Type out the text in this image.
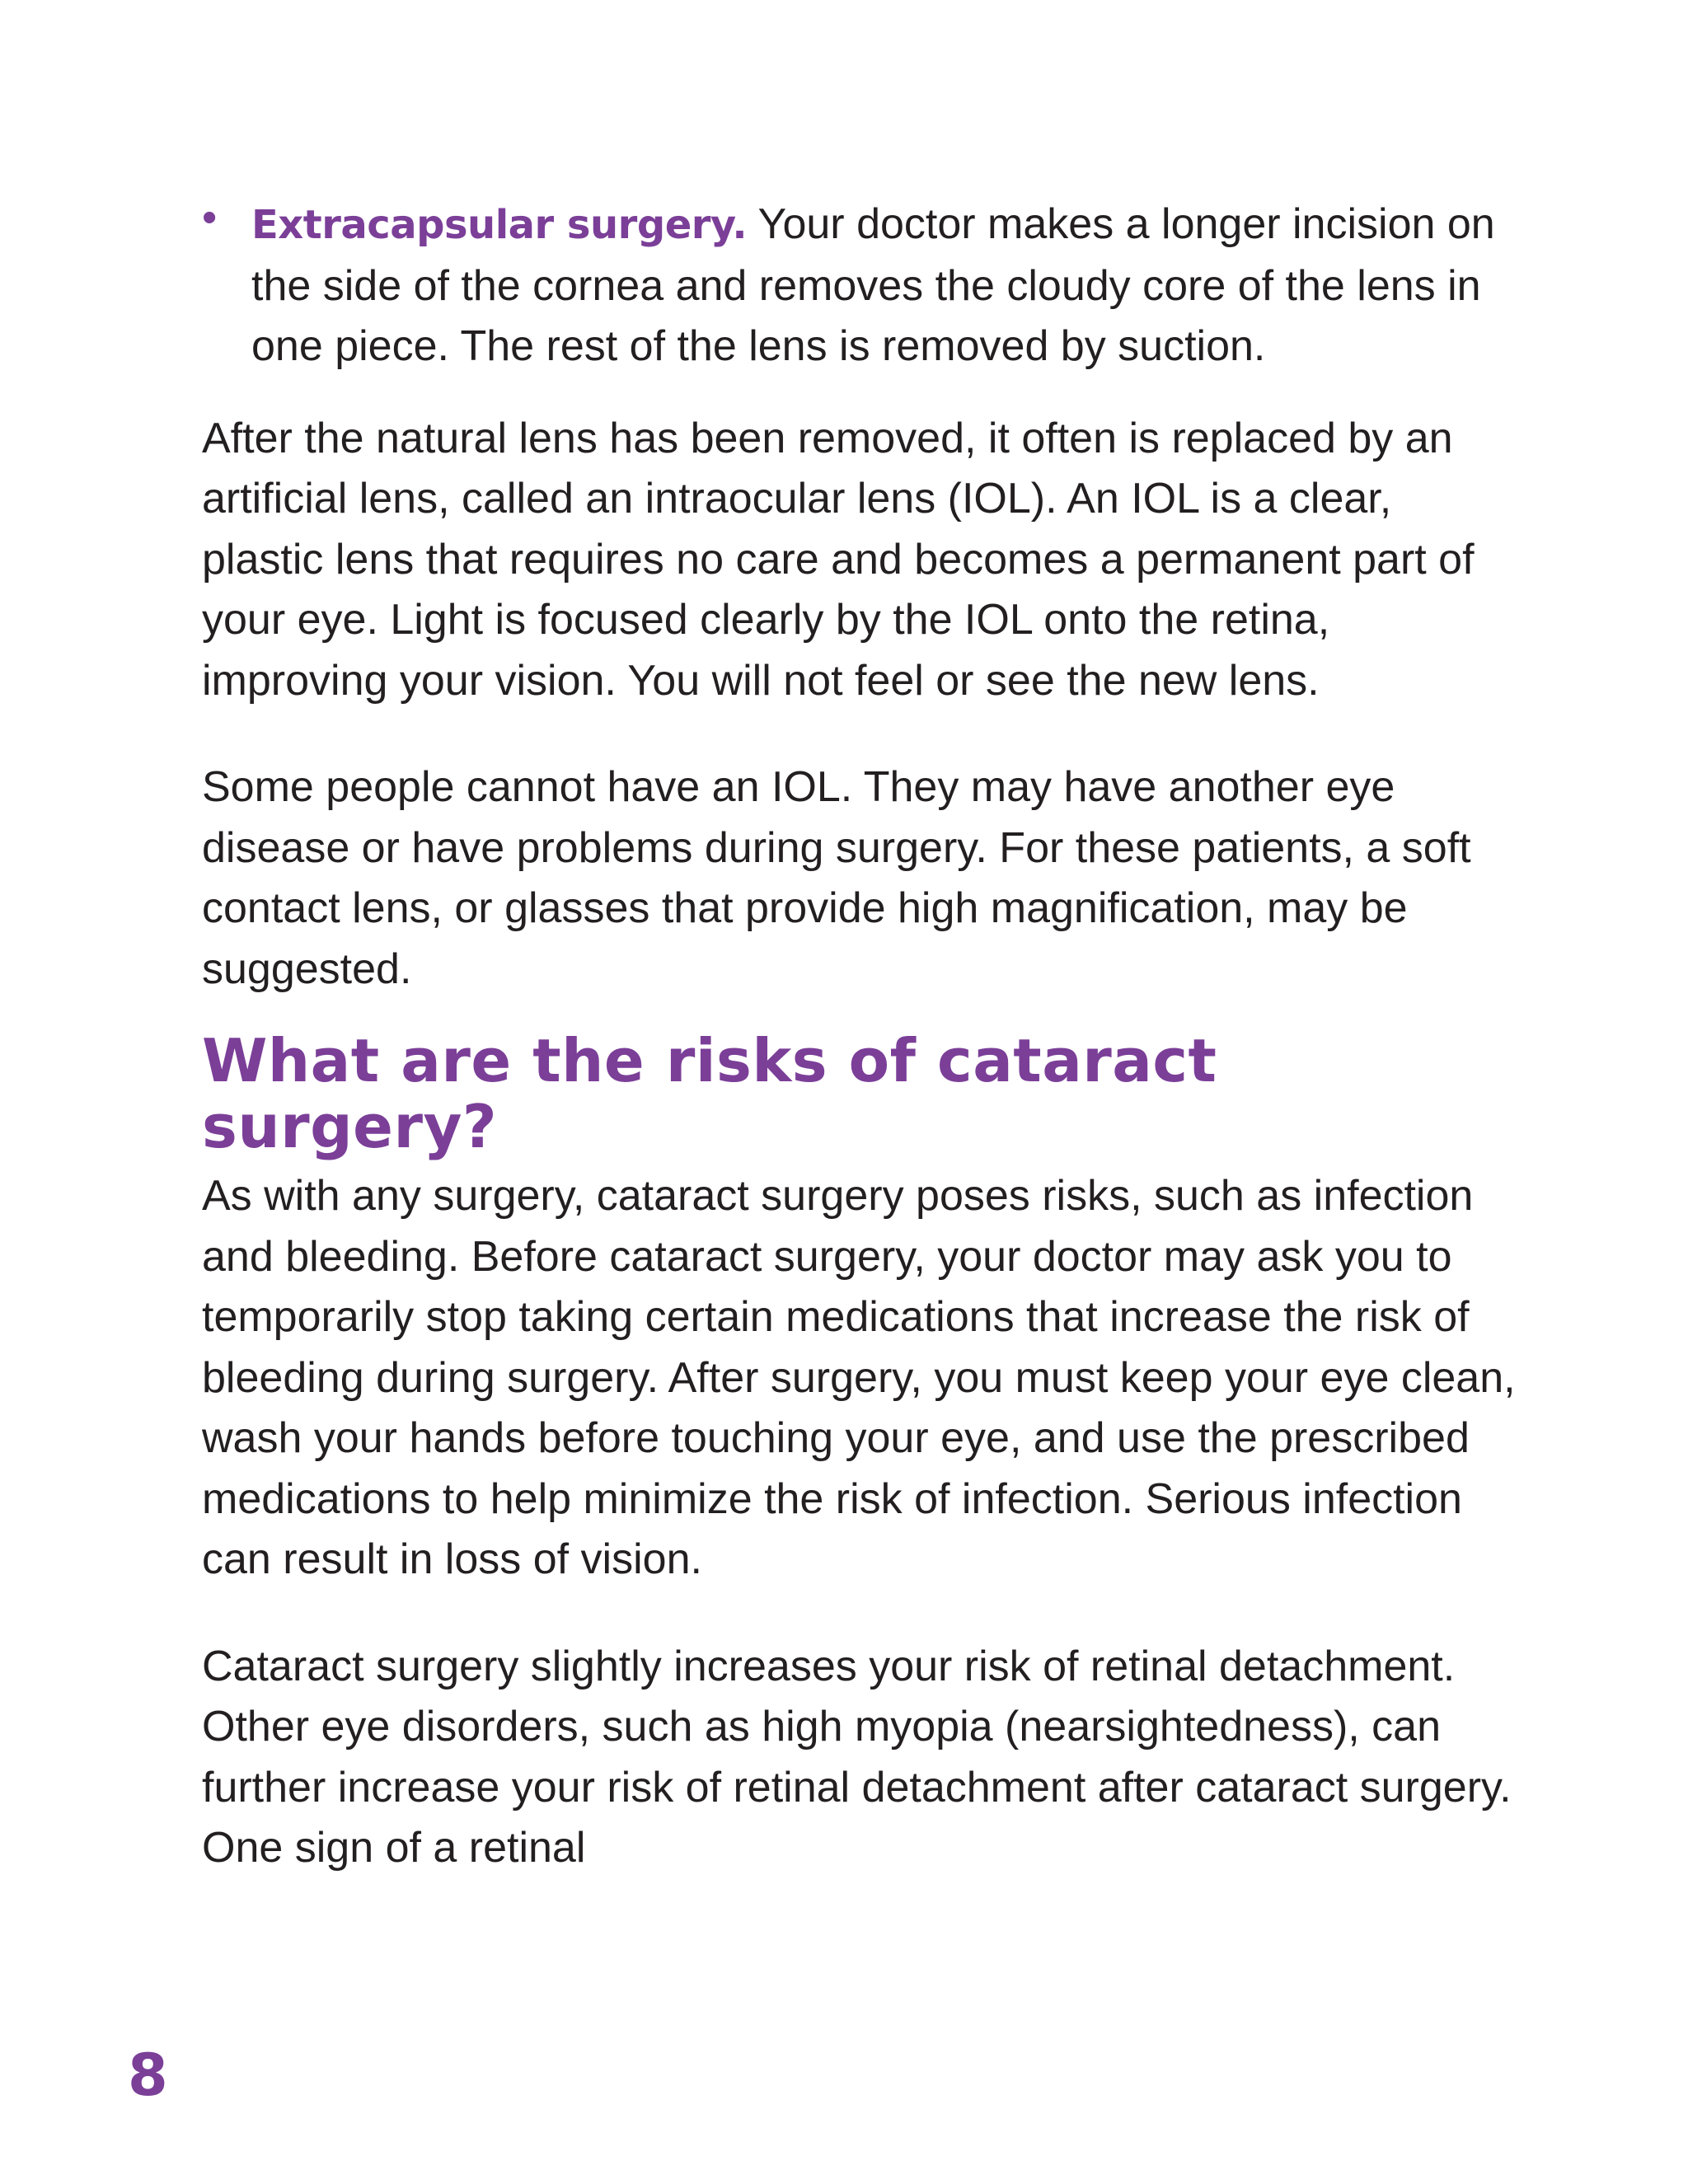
• Extracapsular surgery. Your doctor makes a longer incision on the side of the cornea and removes the cloudy core of the lens in one piece. The rest of the lens is removed by suction.

After the natural lens has been removed, it often is replaced by an artificial lens, called an intraocular lens (IOL). An IOL is a clear, plastic lens that requires no care and becomes a permanent part of your eye. Light is focused clearly by the IOL onto the retina, improving your vision. You will not feel or see the new lens.

Some people cannot have an IOL. They may have another eye disease or have problems during surgery. For these patients, a soft contact lens, or glasses that provide high magnification, may be suggested.

What are the risks of cataract surgery?

As with any surgery, cataract surgery poses risks, such as infection and bleeding. Before cataract surgery, your doctor may ask you to temporarily stop taking certain medications that increase the risk of bleeding during surgery. After surgery, you must keep your eye clean, wash your hands before touching your eye, and use the prescribed medications to help minimize the risk of infection. Serious infection can result in loss of vision.

Cataract surgery slightly increases your risk of retinal detachment. Other eye disorders, such as high myopia (nearsightedness), can further increase your risk of retinal detachment after cataract surgery. One sign of a retinal

8
